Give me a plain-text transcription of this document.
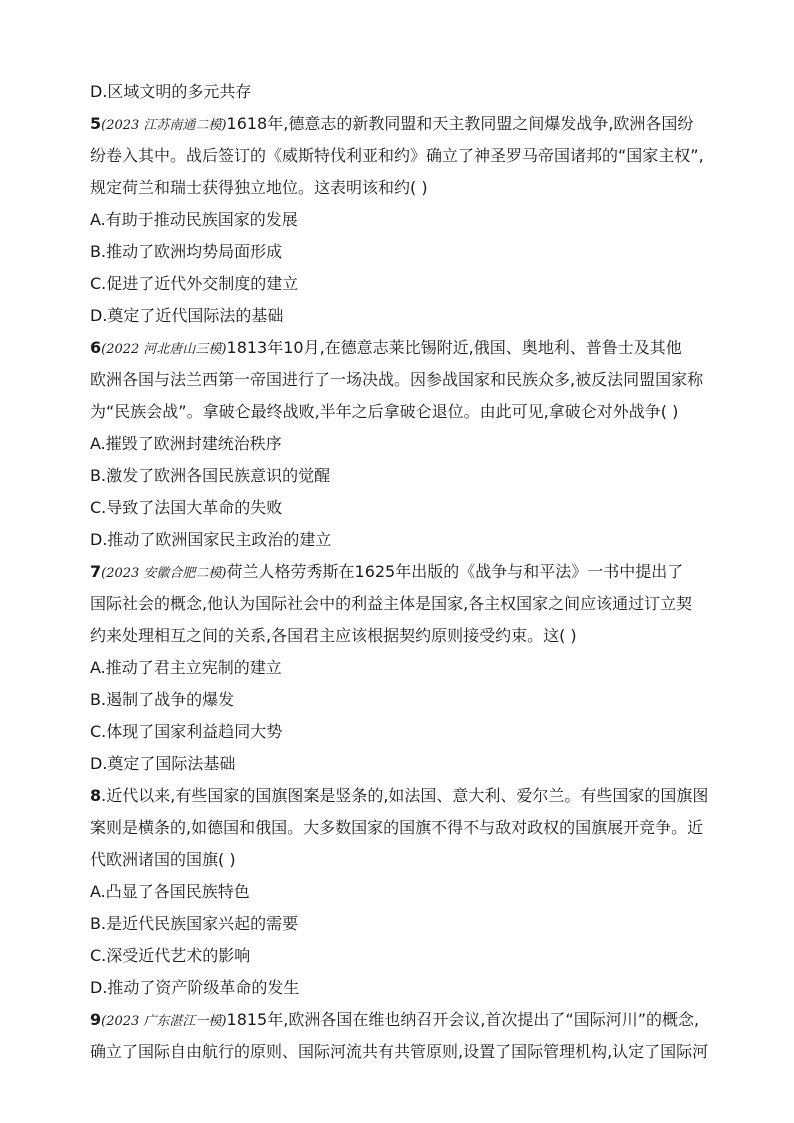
D.区域文明的多元共存
5(2023 江苏南通二模)1618年,德意志的新教同盟和天主教同盟之间爆发战争,欧洲各国纷
纷卷入其中。战后签订的《威斯特伐利亚和约》确立了神圣罗马帝国诸邦的“国家主权”,
规定荷兰和瑞士获得独立地位。这表明该和约( )
A.有助于推动民族国家的发展
B.推动了欧洲均势局面形成
C.促进了近代外交制度的建立
D.奠定了近代国际法的基础
6(2022 河北唐山三模)1813年10月,在德意志莱比锡附近,俄国、奥地利、普鲁士及其他
欧洲各国与法兰西第一帝国进行了一场决战。因参战国家和民族众多,被反法同盟国家称
为“民族会战”。拿破仑最终战败,半年之后拿破仑退位。由此可见,拿破仑对外战争( )
A.摧毁了欧洲封建统治秩序
B.激发了欧洲各国民族意识的觉醒
C.导致了法国大革命的失败
D.推动了欧洲国家民主政治的建立
7(2023 安徽合肥二模)荷兰人格劳秀斯在1625年出版的《战争与和平法》一书中提出了
国际社会的概念,他认为国际社会中的利益主体是国家,各主权国家之间应该通过订立契
约来处理相互之间的关系,各国君主应该根据契约原则接受约束。这( )
A.推动了君主立宪制的建立
B.遏制了战争的爆发
C.体现了国家利益趋同大势
D.奠定了国际法基础
8.近代以来,有些国家的国旗图案是竖条的,如法国、意大利、爱尔兰。有些国家的国旗图
案则是横条的,如德国和俄国。大多数国家的国旗不得不与敌对政权的国旗展开竞争。近
代欧洲诸国的国旗( )
A.凸显了各国民族特色
B.是近代民族国家兴起的需要
C.深受近代艺术的影响
D.推动了资产阶级革命的发生
9(2023 广东湛江一模)1815年,欧洲各国在维也纳召开会议,首次提出了“国际河川”的概念,
确立了国际自由航行的原则、国际河流共有共管原则,设置了国际管理机构,认定了国际河
